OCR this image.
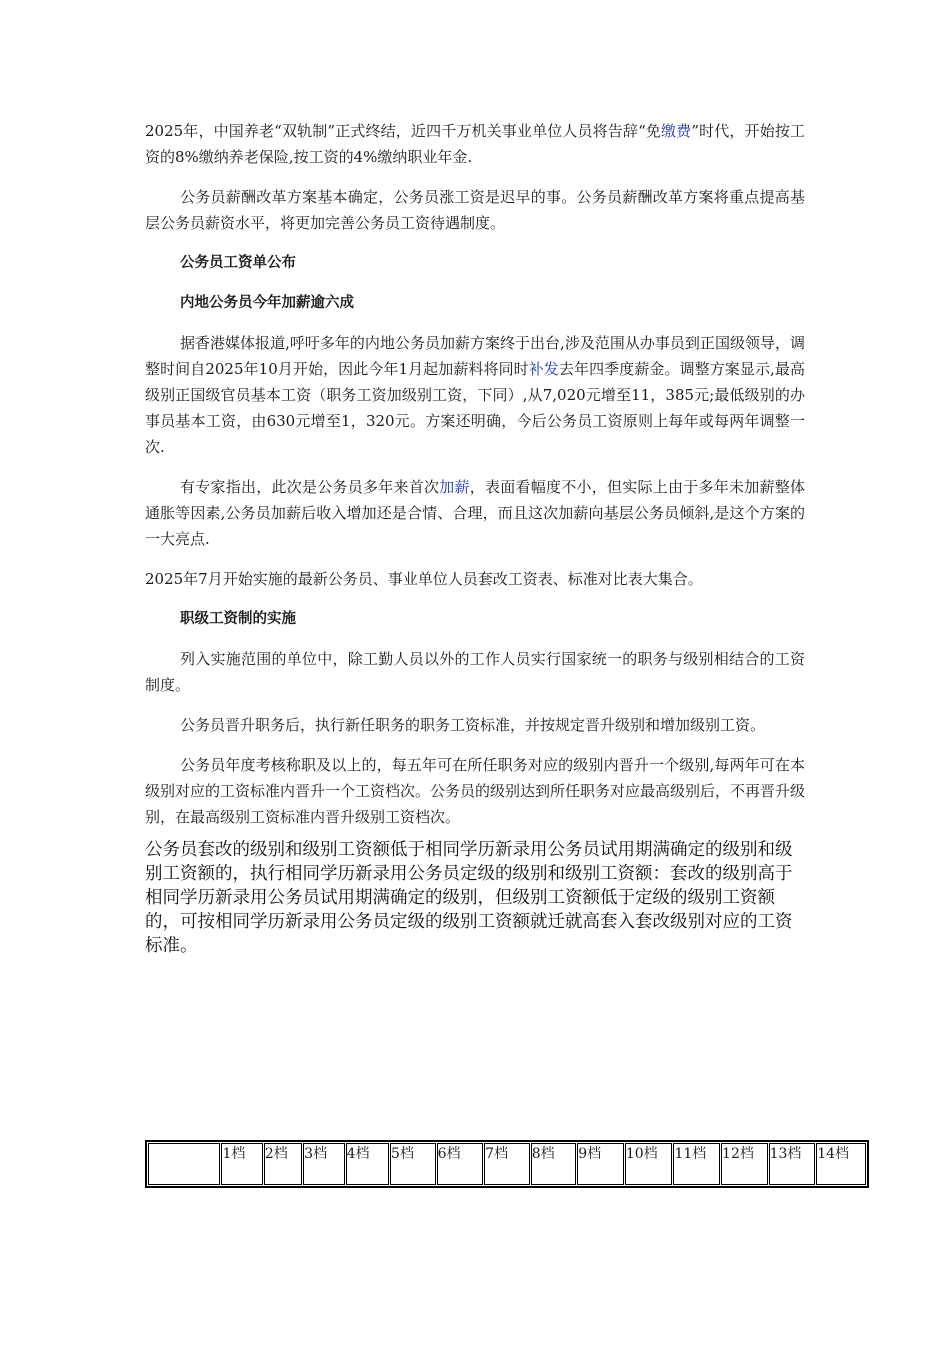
2025年，中国养老“双轨制”正式终结，近四千万机关事业单位人员将告辞“免缴费”时代，开始按工资的8%缴纳养老保险,按工资的4%缴纳职业年金.

公务员薪酬改革方案基本确定，公务员涨工资是迟早的事。公务员薪酬改革方案将重点提高基层公务员薪资水平，将更加完善公务员工资待遇制度。

公务员工资单公布
内地公务员今年加薪逾六成

据香港媒体报道,呼吁多年的内地公务员加薪方案终于出台,涉及范围从办事员到正国级领导，调整时间自2025年10月开始，因此今年1月起加薪料将同时补发去年四季度薪金。调整方案显示,最高级别正国级官员基本工资（职务工资加级别工资，下同）,从7,020元增至11，385元;最低级别的办事员基本工资，由630元增至1，320元。方案还明确，今后公务员工资原则上每年或每两年调整一次.

有专家指出，此次是公务员多年来首次加薪，表面看幅度不小，但实际上由于多年未加薪整体通胀等因素,公务员加薪后收入增加还是合情、合理，而且这次加薪向基层公务员倾斜,是这个方案的一大亮点.

2025年7月开始实施的最新公务员、事业单位人员套改工资表、标准对比表大集合。

职级工资制的实施

列入实施范围的单位中，除工勤人员以外的工作人员实行国家统一的职务与级别相结合的工资制度。

公务员晋升职务后，执行新任职务的职务工资标准，并按规定晋升级别和增加级别工资。

公务员年度考核称职及以上的，每五年可在所任职务对应的级别内晋升一个级别,每两年可在本级别对应的工资标准内晋升一个工资档次。公务员的级别达到所任职务对应最高级别后，不再晋升级别，在最高级别工资标准内晋升级别工资档次。

公务员套改的级别和级别工资额低于相同学历新录用公务员试用期满确定的级别和级别工资额的，执行相同学历新录用公务员定级的级别和级别工资额：套改的级别高于相同学历新录用公务员试用期满确定的级别，但级别工资额低于定级的级别工资额的，可按相同学历新录用公务员定级的级别工资额就迁就高套入套改级别对应的工资标准。

	1档	2档	3档	4档	5档	6档	7档	8档	9档	10档	11档	12档	13档	14档
